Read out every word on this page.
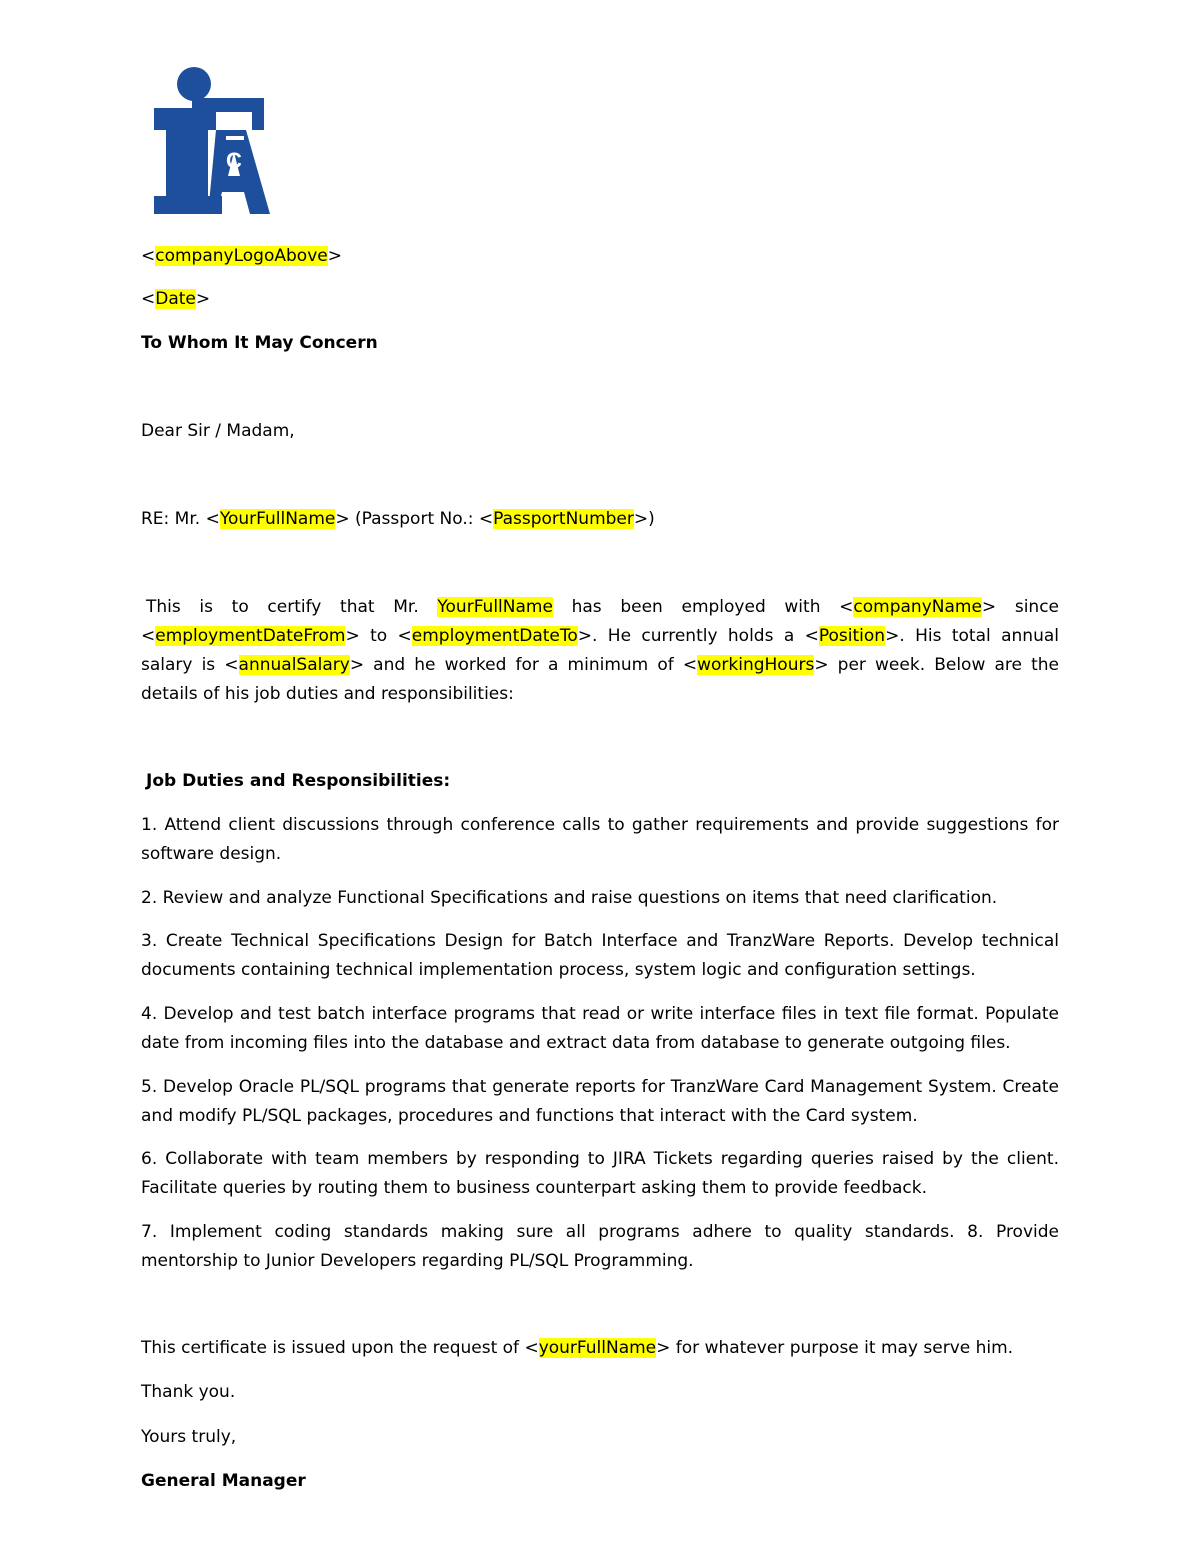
C
<companyLogoAbove>
<Date>
To Whom It May Concern
Dear Sir / Madam,
RE: Mr. <YourFullName> (Passport No.: <PassportNumber>)
This is to certify that Mr. YourFullName has been employed with <companyName> since <employmentDateFrom> to <employmentDateTo>. He currently holds a <Position>. His total annual salary is <annualSalary> and he worked for a minimum of <workingHours> per week. Below are the details of his job duties and responsibilities:
Job Duties and Responsibilities:
1. Attend client discussions through conference calls to gather requirements and provide suggestions for software design.
2. Review and analyze Functional Specifications and raise questions on items that need clarification.
3. Create Technical Specifications Design for Batch Interface and TranzWare Reports. Develop technical documents containing technical implementation process, system logic and configuration settings.
4. Develop and test batch interface programs that read or write interface files in text file format. Populate date from incoming files into the database and extract data from database to generate outgoing files.
5. Develop Oracle PL/SQL programs that generate reports for TranzWare Card Management System. Create and modify PL/SQL packages, procedures and functions that interact with the Card system.
6. Collaborate with team members by responding to JIRA Tickets regarding queries raised by the client. Facilitate queries by routing them to business counterpart asking them to provide feedback.
7. Implement coding standards making sure all programs adhere to quality standards. 8. Provide mentorship to Junior Developers regarding PL/SQL Programming.
This certificate is issued upon the request of <yourFullName> for whatever purpose it may serve him.
Thank you.
Yours truly,
General Manager
